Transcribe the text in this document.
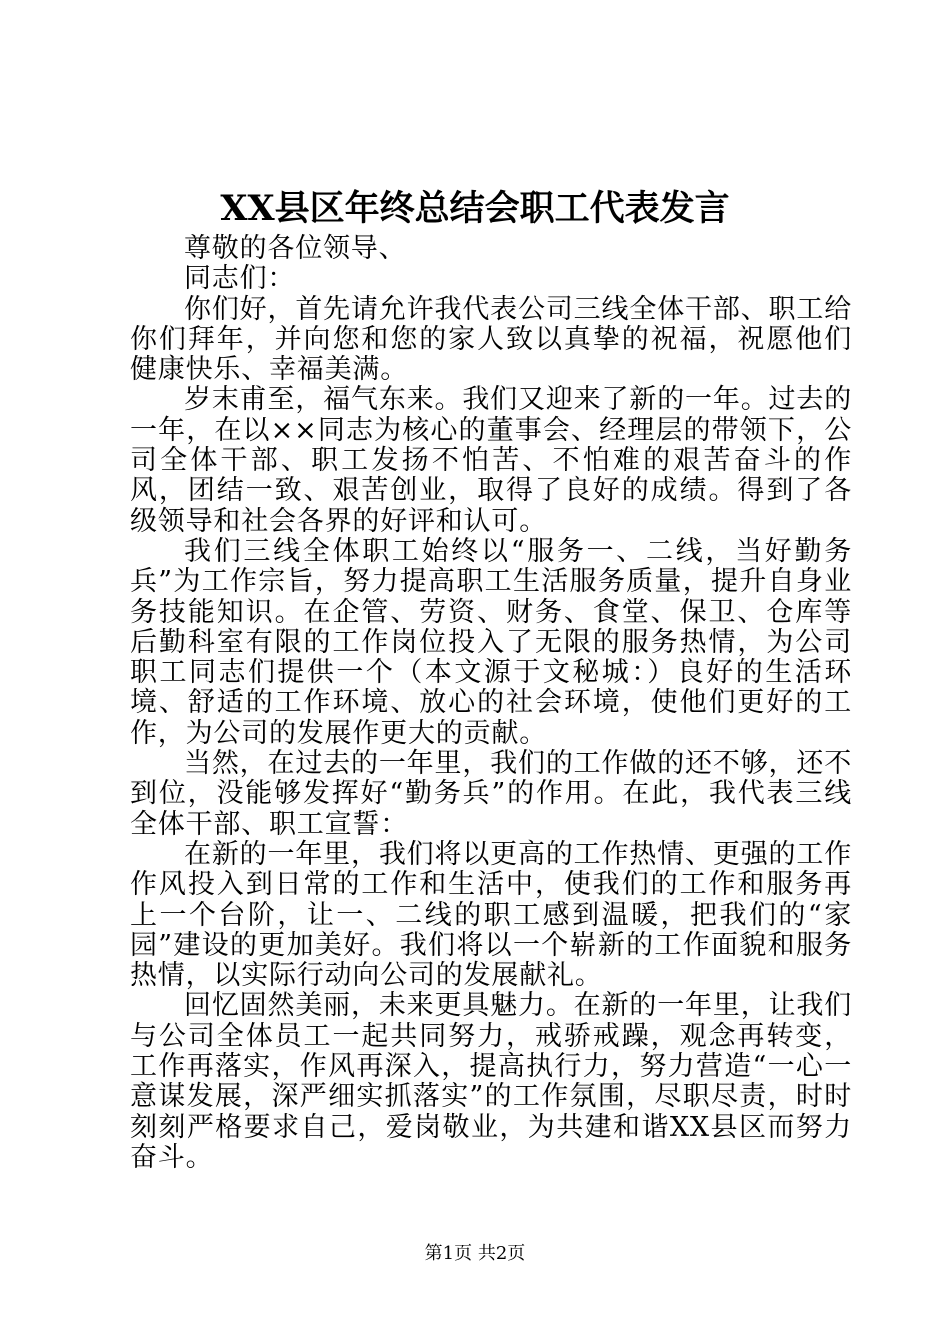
XX县区年终总结会职工代表发言

尊敬的各位领导、

同志们：

你们好，首先请允许我代表公司三线全体干部、职工给你们拜年，并向您和您的家人致以真挚的祝福，祝愿他们健康快乐、幸福美满。

岁末甫至，福气东来。我们又迎来了新的一年。过去的一年，在以××同志为核心的董事会、经理层的带领下，公司全体干部、职工发扬不怕苦、不怕难的艰苦奋斗的作风，团结一致、艰苦创业，取得了良好的成绩。得到了各级领导和社会各界的好评和认可。

我们三线全体职工始终以“服务一、二线，当好勤务兵”为工作宗旨，努力提高职工生活服务质量，提升自身业务技能知识。在企管、劳资、财务、食堂、保卫、仓库等后勤科室有限的工作岗位投入了无限的服务热情，为公司职工同志们提供一个（本文源于文秘城：）良好的生活环境、舒适的工作环境、放心的社会环境，使他们更好的工作，为公司的发展作更大的贡献。

当然，在过去的一年里，我们的工作做的还不够，还不到位，没能够发挥好“勤务兵”的作用。在此，我代表三线全体干部、职工宣誓：

在新的一年里，我们将以更高的工作热情、更强的工作作风投入到日常的工作和生活中，使我们的工作和服务再上一个台阶，让一、二线的职工感到温暖，把我们的“家园”建设的更加美好。我们将以一个崭新的工作面貌和服务热情，以实际行动向公司的发展献礼。

回忆固然美丽，未来更具魅力。在新的一年里，让我们与公司全体员工一起共同努力，戒骄戒躁，观念再转变，工作再落实，作风再深入，提高执行力，努力营造“一心一意谋发展，深严细实抓落实”的工作氛围，尽职尽责，时时刻刻严格要求自己，爱岗敬业，为共建和谐XX县区而努力奋斗。

第1页 共2页
